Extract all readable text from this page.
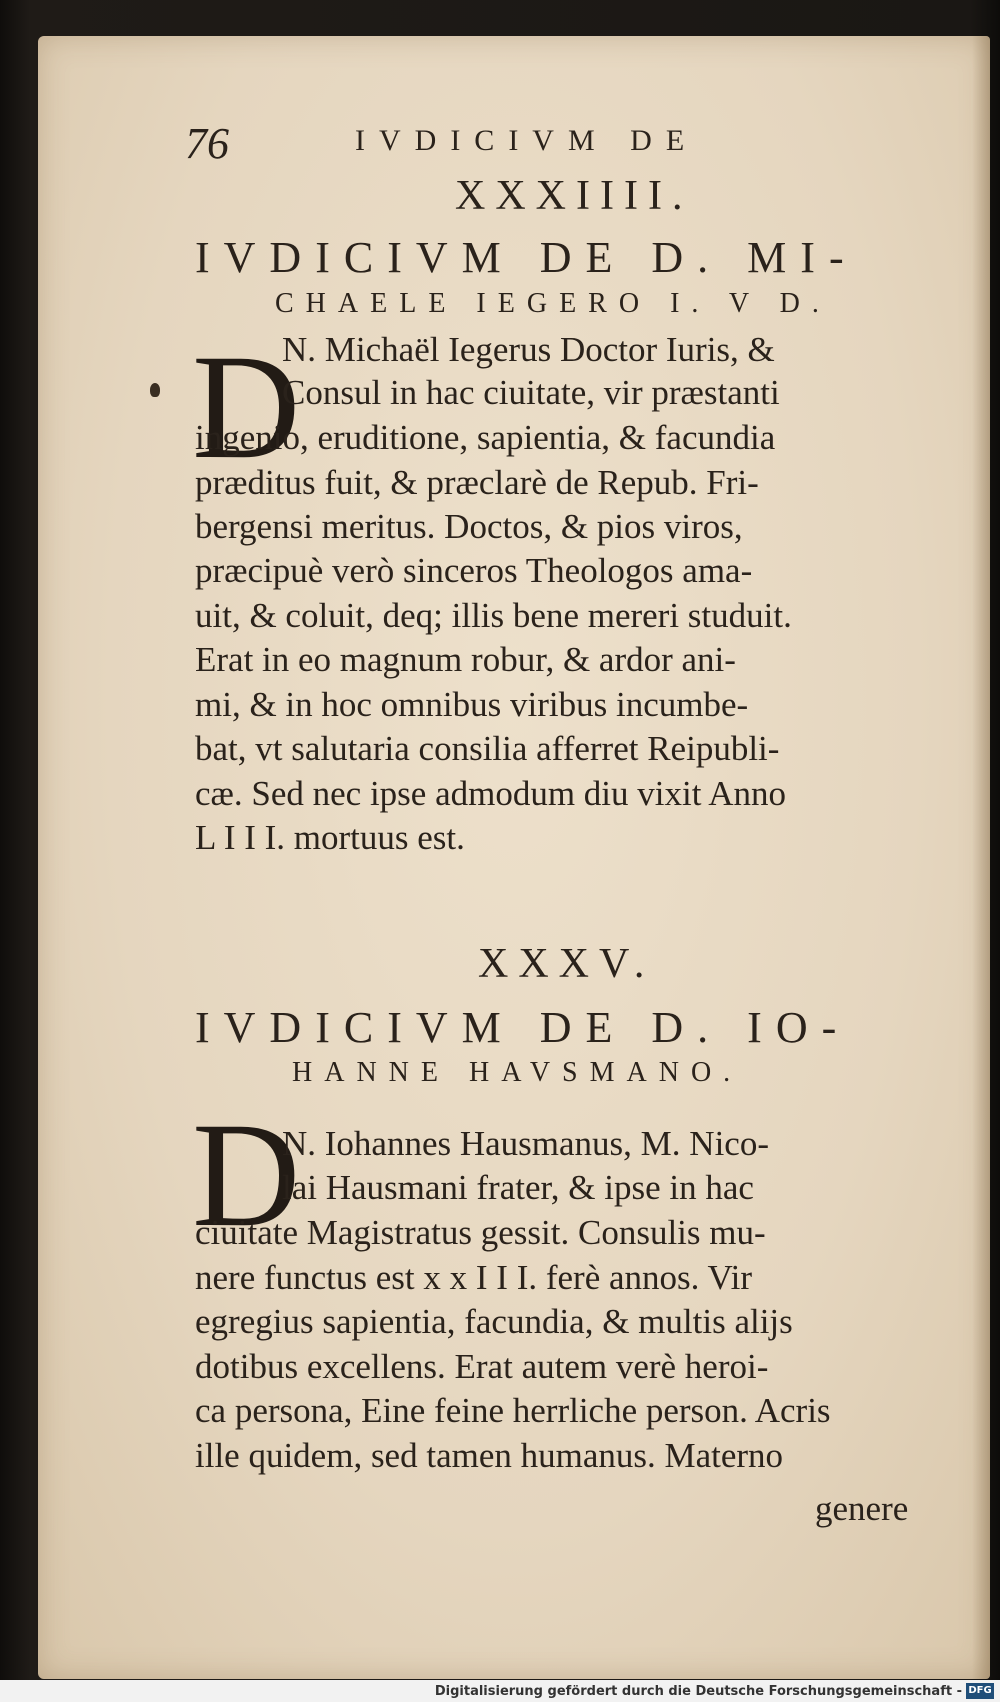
76	IVDICIVM DE

XXXIIII.

IVDICIVM DE D. MI-

CHAELE IEGERO I. V D.

D

N. Michaël Iegerus Doctor Iuris, &

Consul in hac ciuitate, vir præstanti

ingenio, eruditione, sapientia, & facundia

præditus fuit, & præclarè de Repub. Fri-

bergensi meritus. Doctos, & pios viros,

præcipuè verò sinceros Theologos ama-

uit, & coluit, deq; illis bene mereri studuit.

Erat in eo magnum robur, & ardor ani-

mi, & in hoc omnibus viribus incumbe-

bat, vt salutaria consilia afferret Reipubli-

cæ. Sed nec ipse admodum diu vixit Anno

L I I I. mortuus est.

XXXV.

IVDICIVM DE D. IO-

HANNE HAVSMANO.

D

N. Iohannes Hausmanus, M. Nico-

lai Hausmani frater, & ipse in hac

ciuitate Magistratus gessit. Consulis mu-

nere functus est x x I I I. ferè annos. Vir

egregius sapientia, facundia, & multis alijs

dotibus excellens. Erat autem verè heroi-

ca persona, Eine feine herrliche person. Acris

ille quidem, sed tamen humanus. Materno

genere

Digitalisierung gefördert durch die Deutsche Forschungsgemeinschaft - DFG
